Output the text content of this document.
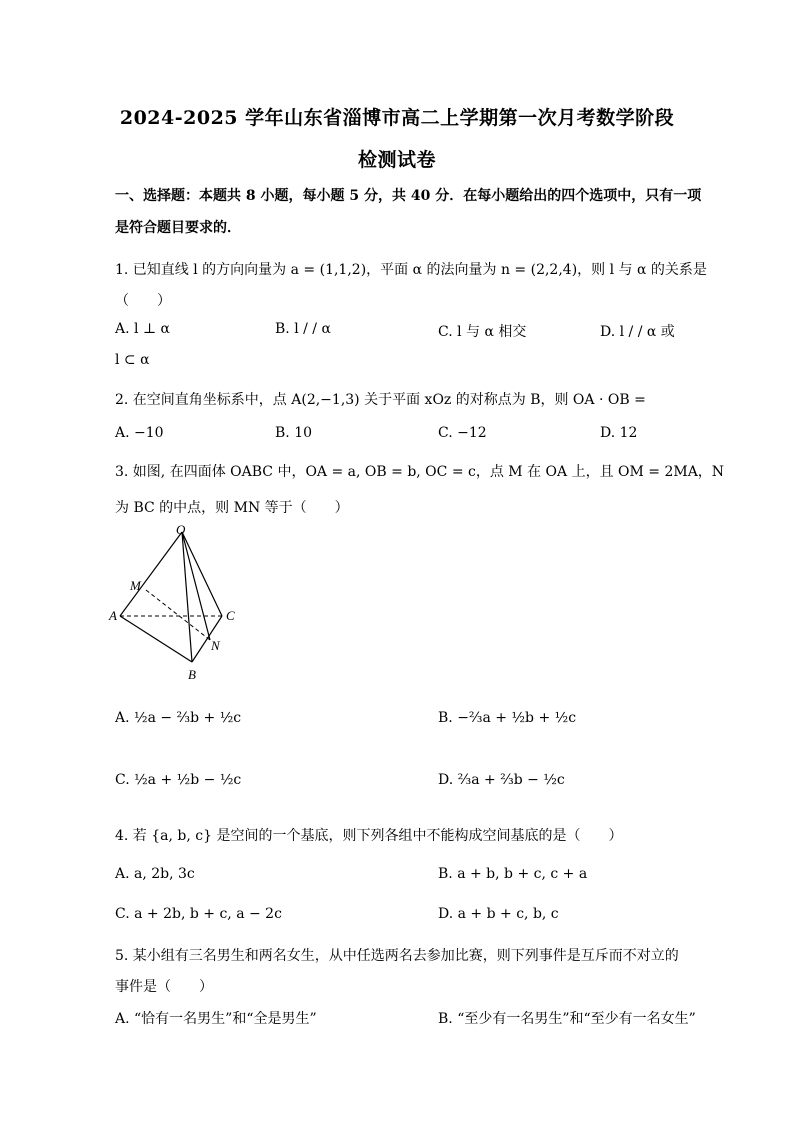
2024-2025 学年山东省淄博市高二上学期第一次月考数学阶段
检测试卷
一、选择题：本题共 8 小题，每小题 5 分，共 40 分．在每小题给出的四个选项中，只有一项
是符合题目要求的．
1. 已知直线 l 的方向向量为 a = (1,1,2)，平面 α 的法向量为 n = (2,2,4)，则 l 与 α 的关系是
（　　）
A. l ⊥ α	B. l / / α	C. l 与 α 相交	D. l / / α 或
l ⊂ α
2. 在空间直角坐标系中，点 A(2,−1,3) 关于平面 xOz 的对称点为 B，则 OA · OB =
A. −10	B. 10	C. −12	D. 12
3. 如图, 在四面体 OABC 中，OA = a, OB = b, OC = c，点 M 在 OA 上，且 OM = 2MA，N
为 BC 的中点，则 MN 等于（　　）
O
M
A	C
N
B
A. ½a − ⅔b + ½c	B. −⅔a + ½b + ½c
C. ½a + ½b − ½c	D. ⅔a + ⅔b − ½c
4. 若 {a, b, c} 是空间的一个基底，则下列各组中不能构成空间基底的是（　　）
A. a, 2b, 3c	B. a + b, b + c, c + a
C. a + 2b, b + c, a − 2c	D. a + b + c, b, c
5. 某小组有三名男生和两名女生，从中任选两名去参加比赛，则下列事件是互斥而不对立的
事件是（　　）
A. “恰有一名男生”和“全是男生”	B. “至少有一名男生”和“至少有一名女生”
